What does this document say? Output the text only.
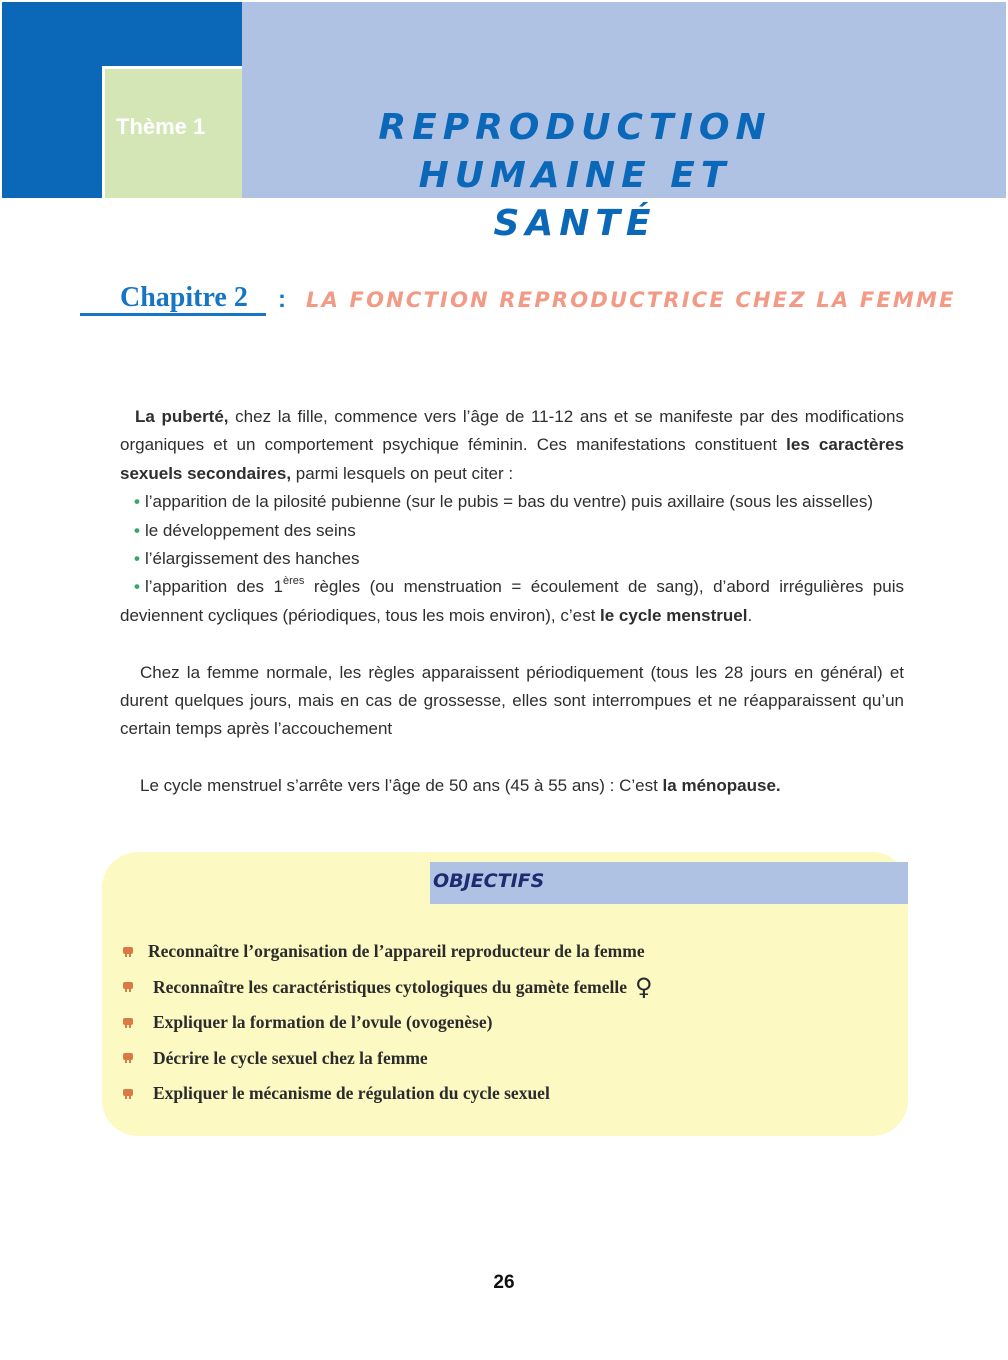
Thème 1	REPRODUCTION HUMAINE ET
SANTÉ
Chapitre 2 : LA FONCTION REPRODUCTRICE CHEZ LA FEMME

La puberté, chez la fille, commence vers l’âge de 11-12 ans et se manifeste par des modifications organiques et un comportement psychique féminin. Ces manifestations constituent les caractères sexuels secondaires, parmi lesquels on peut citer :

• l’apparition de la pilosité pubienne (sur le pubis = bas du ventre) puis axillaire (sous les aisselles)

• le développement des seins

• l’élargissement des hanches

• l’apparition des 1ères règles (ou menstruation = écoulement de sang), d’abord irrégulières puis deviennent cycliques (périodiques, tous les mois environ), c’est le cycle menstruel.

Chez la femme normale, les règles apparaissent périodiquement (tous les 28 jours en général) et durent quelques jours, mais en cas de grossesse, elles sont interrompues et ne réapparaissent qu’un certain temps après l’accouchement

Le cycle menstruel s’arrête vers l’âge de 50 ans (45 à 55 ans) : C’est la ménopause.

OBJECTIFS
Reconnaître l’organisation de l’appareil reproducteur de la femme
Reconnaître les caractéristiques cytologiques du gamète femelle ♀
Expliquer la formation de l’ovule (ovogenèse)
Décrire le cycle sexuel chez la femme
Expliquer le mécanisme de régulation du cycle sexuel
26
